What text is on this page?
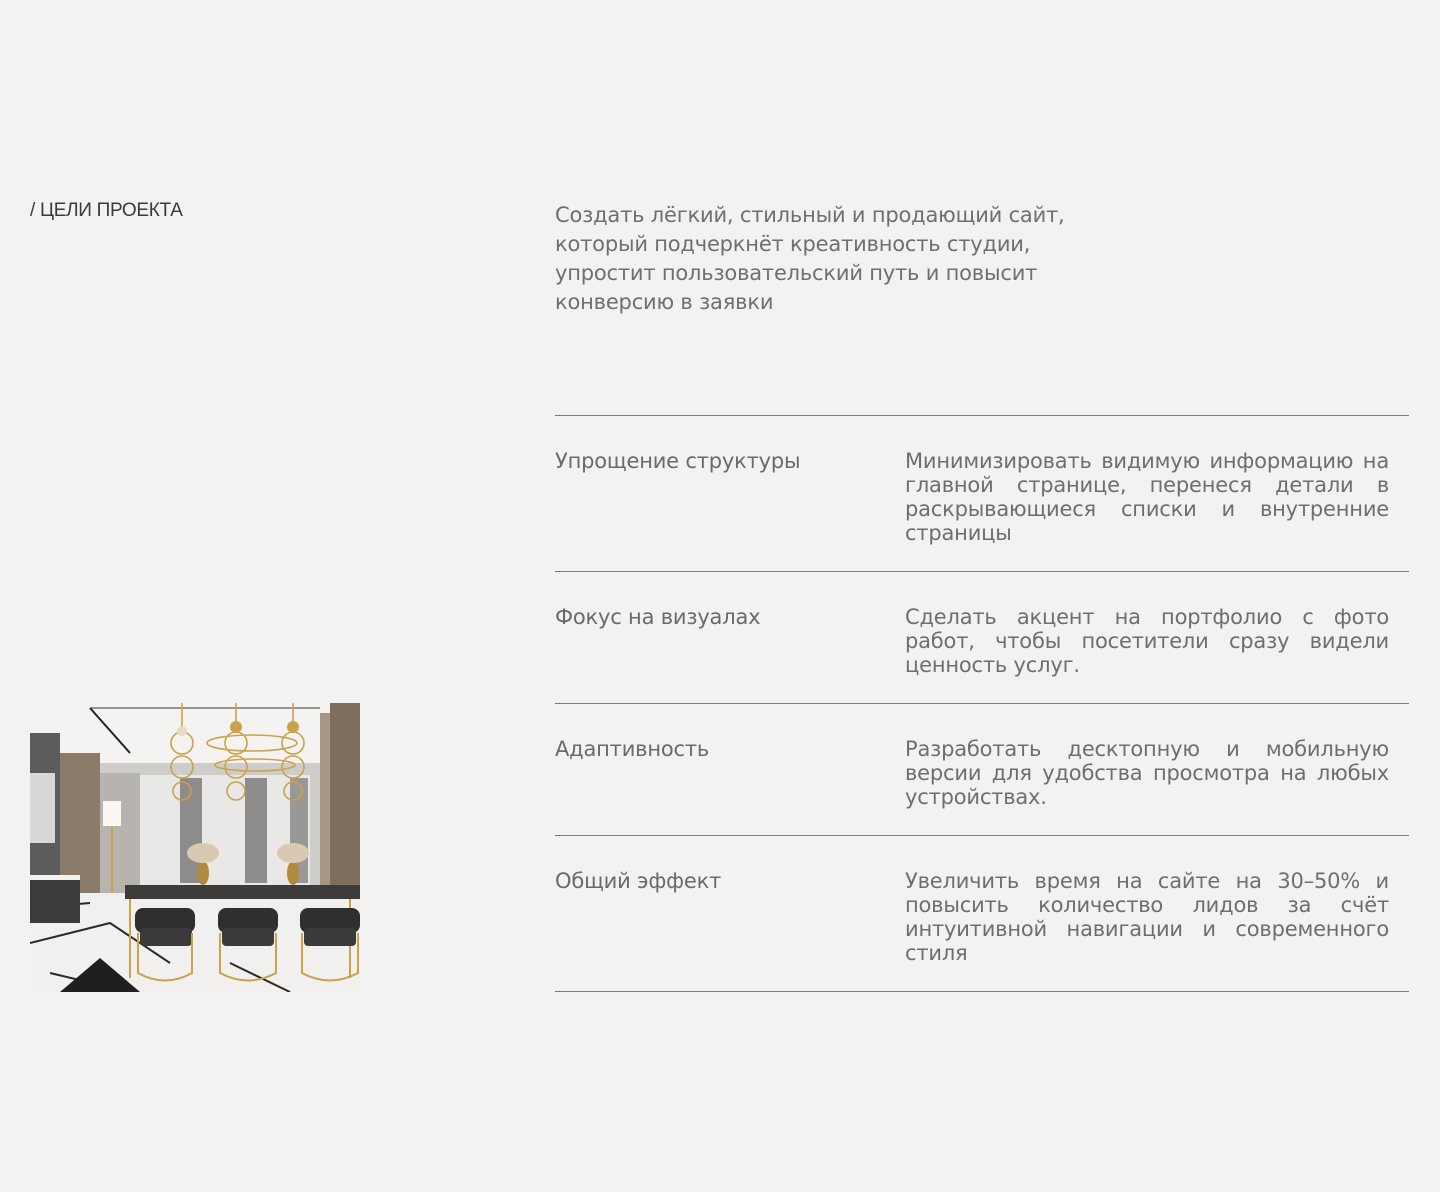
/ ЦЕЛИ ПРОЕКТА	Создать лёгкий, стильный и продающий сайт, который подчеркнёт креативность студии, упростит пользовательский путь и повысит конверсию в заявки

Упрощение структуры	Минимизировать видимую информацию на главной странице, перенеся детали в раскрывающиеся списки и внутренние страницы

Фокус на визуалах	Сделать акцент на портфолио с фото работ, чтобы посетители сразу видели ценность услуг.

Адаптивность	Разработать десктопную и мобильную версии для удобства просмотра на любых устройствах.

Общий эффект	Увеличить время на сайте на 30–50% и повысить количество лидов за счёт интуитивной навигации и современного стиля
